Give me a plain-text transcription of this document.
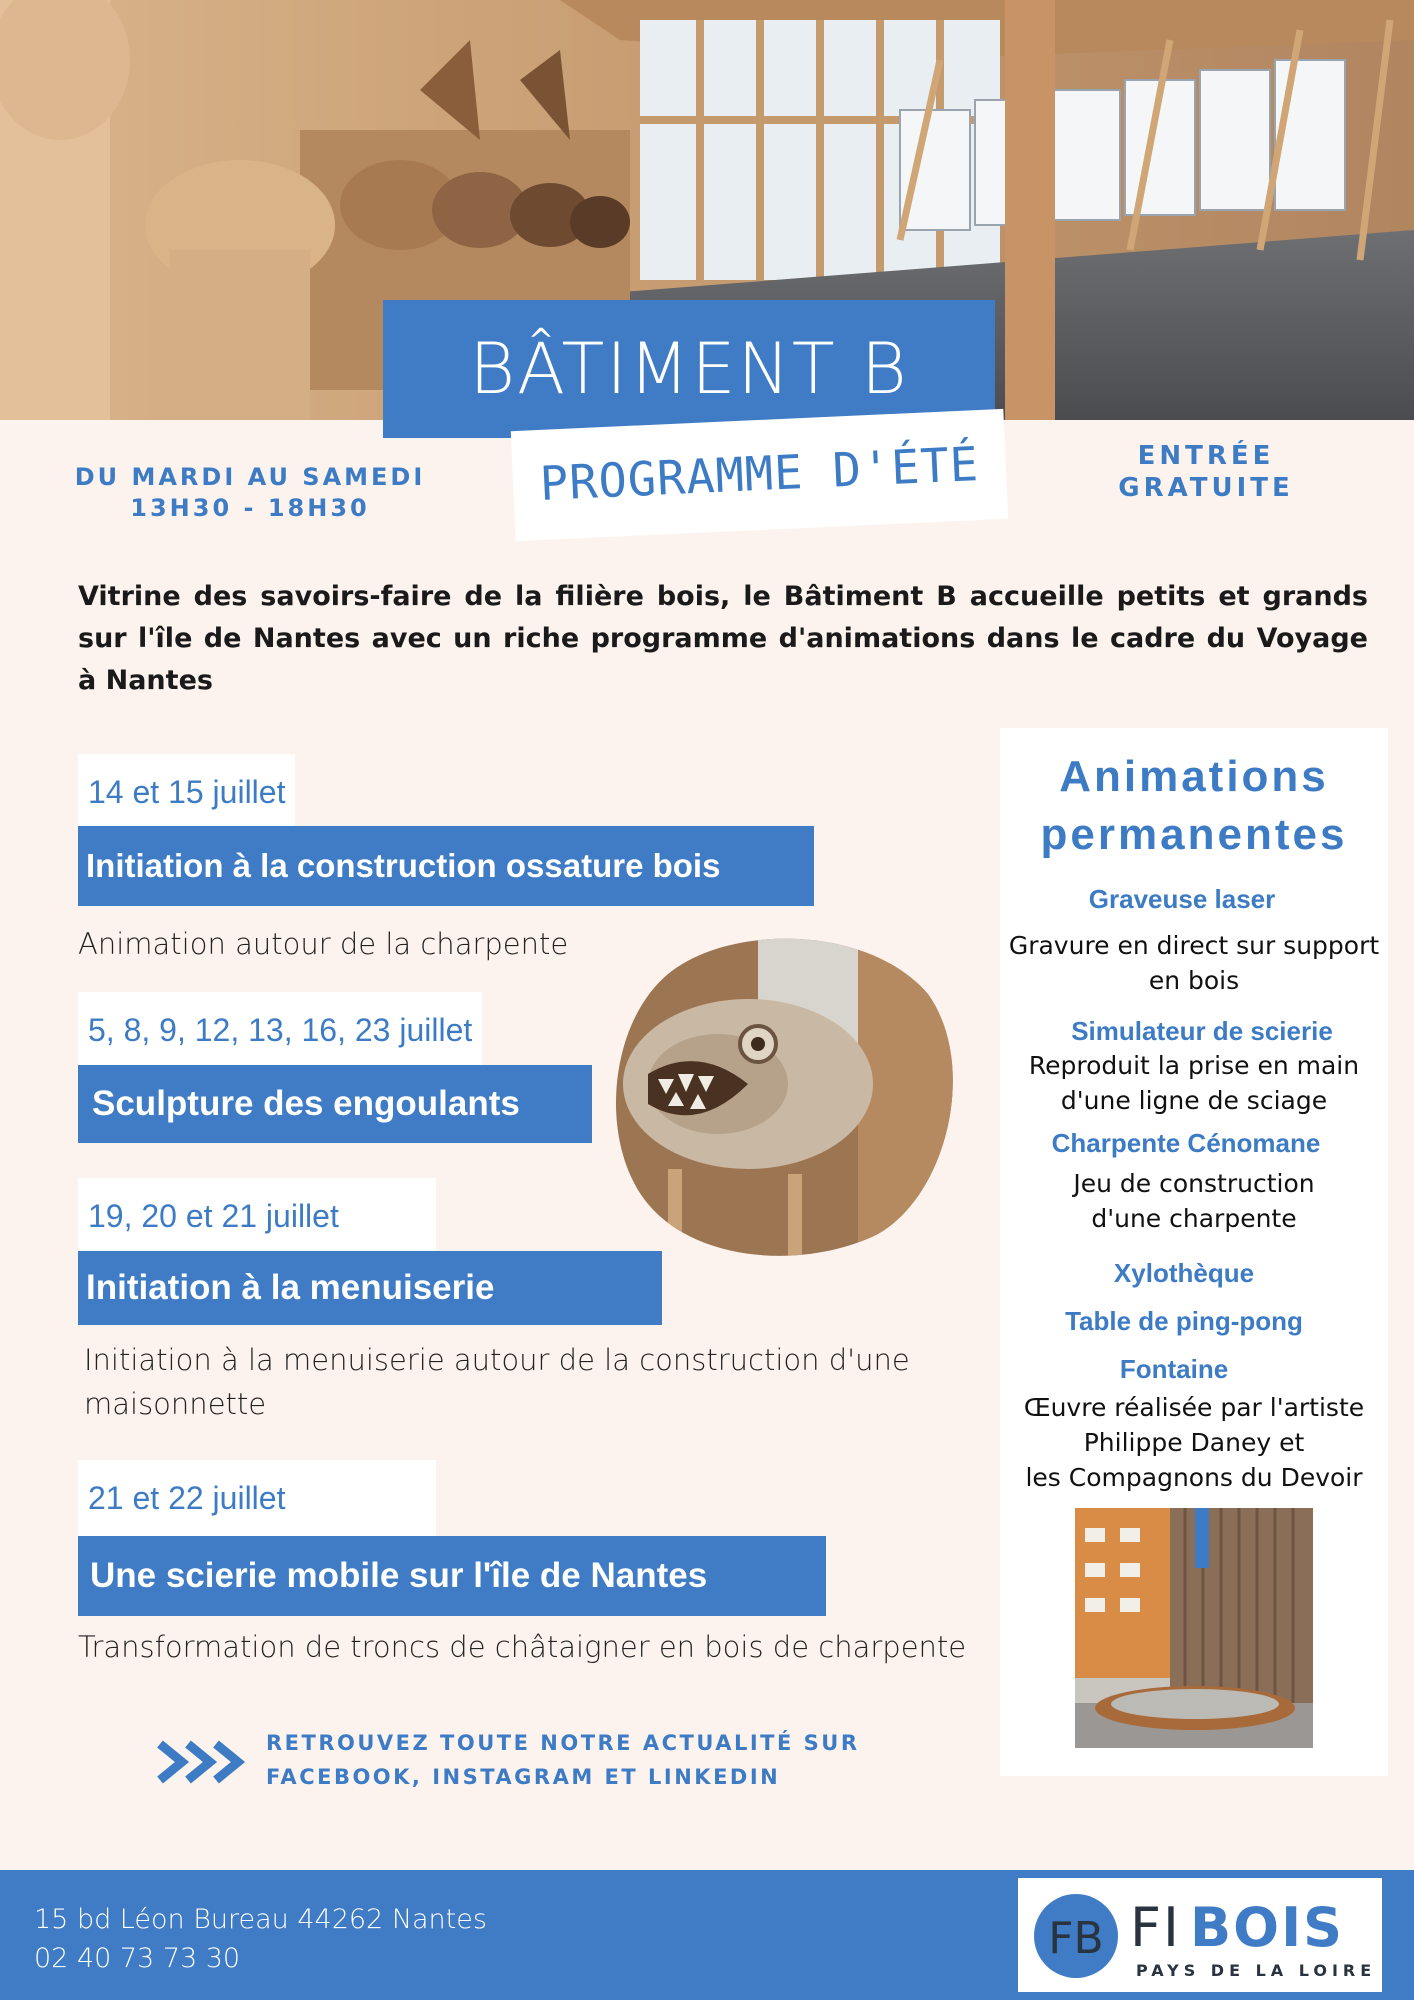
BÂTIMENT B
PROGRAMME D'ÉTÉ
DU MARDI AU SAMEDI
13H30 - 18H30
ENTRÉE
GRATUITE
Vitrine des savoirs-faire de la filière bois, le Bâtiment B accueille petits et grands sur l'île de Nantes avec un riche programme d'animations dans le cadre du Voyage à Nantes
14 et 15 juillet
Initiation à la construction ossature bois
Animation autour de la charpente
5, 8, 9, 12, 13, 16, 23 juillet
Sculpture des engoulants
19, 20 et 21 juillet
Initiation à la menuiserie
Initiation à la menuiserie autour de la construction d'une maisonnette
21 et 22 juillet
Une scierie mobile sur l'île de Nantes
Transformation de troncs de châtaigner en bois de charpente
RETROUVEZ TOUTE NOTRE ACTUALITÉ SUR
FACEBOOK, INSTAGRAM ET LINKEDIN
Animations
permanentes
Graveuse laser
Gravure en direct sur support
en bois
Simulateur de scierie
Reproduit la prise en main
d'une ligne de sciage
Charpente Cénomane
Jeu de construction
d'une charpente
Xylothèque
Table de ping-pong
Fontaine
Œuvre réalisée par l'artiste
Philippe Daney et
les Compagnons du Devoir
15 bd Léon Bureau 44262 Nantes
02 40 73 73 30	FB FI BOIS
PAYS DE LA LOIRE
